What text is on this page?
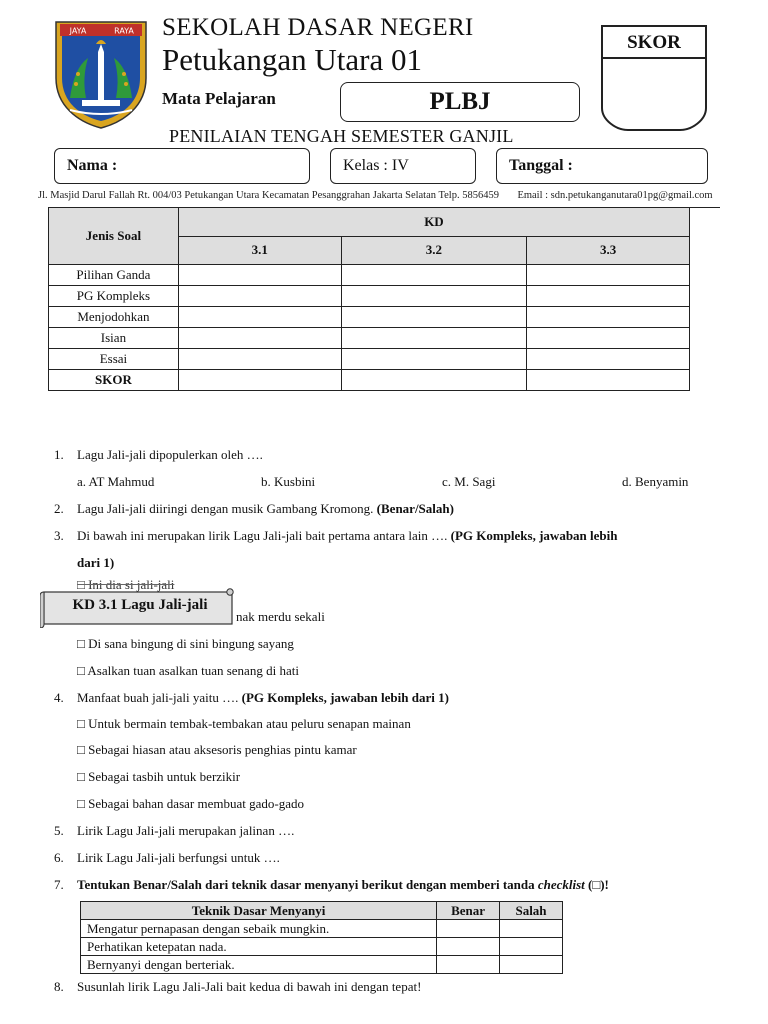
JAYA	RAYA SEKOLAH DASAR NEGERI
Petukangan Utara 01
Mata Pelajaran	PLBJ
SKOR
PENILAIAN TENGAH SEMESTER GANJIL
Nama :	Kelas : IV	Tanggal :
Jl. Masjid Darul Fallah Rt. 004/03 Petukangan Utara Kecamatan Pesanggrahan Jakarta Selatan Telp. 5856459	Email : sdn.petukanganutara01pg@gmail.com
Jenis Soal	KD		
	3.1	3.2	3.3
Pilihan Ganda			
PG Kompleks			
Menjodohkan			
Isian			
Essai			
SKOR			
1. Lagu Jali-jali dipopulerkan oleh ….
a. AT Mahmud	b. Kusbini	c. M. Sagi	d. Benyamin
2. Lagu Jali-jali diiringi dengan musik Gambang Kromong. (Benar/Salah)
3. Di bawah ini merupakan lirik Lagu Jali-jali bait pertama antara lain …. (PG Kompleks, jawaban lebih
dari 1)
□ Ini dia si jali-jali
nak merdu sekali
□ Di sana bingung di sini bingung sayang
□ Asalkan tuan asalkan tuan senang di hati
KD 3.1 Lagu Jali-jali
4. Manfaat buah jali-jali yaitu …. (PG Kompleks, jawaban lebih dari 1)
□ Untuk bermain tembak-tembakan atau peluru senapan mainan
□ Sebagai hiasan atau aksesoris penghias pintu kamar
□ Sebagai tasbih untuk berzikir
□ Sebagai bahan dasar membuat gado-gado
5. Lirik Lagu Jali-jali merupakan jalinan ….
6. Lirik Lagu Jali-jali berfungsi untuk ….
7. Tentukan Benar/Salah dari teknik dasar menyanyi berikut dengan memberi tanda checklist (□)!
Teknik Dasar Menyanyi	Benar	Salah
Mengatur pernapasan dengan sebaik mungkin.		
Perhatikan ketepatan nada.		
Bernyanyi dengan berteriak.		
8. Susunlah lirik Lagu Jali-Jali bait kedua di bawah ini dengan tepat!
